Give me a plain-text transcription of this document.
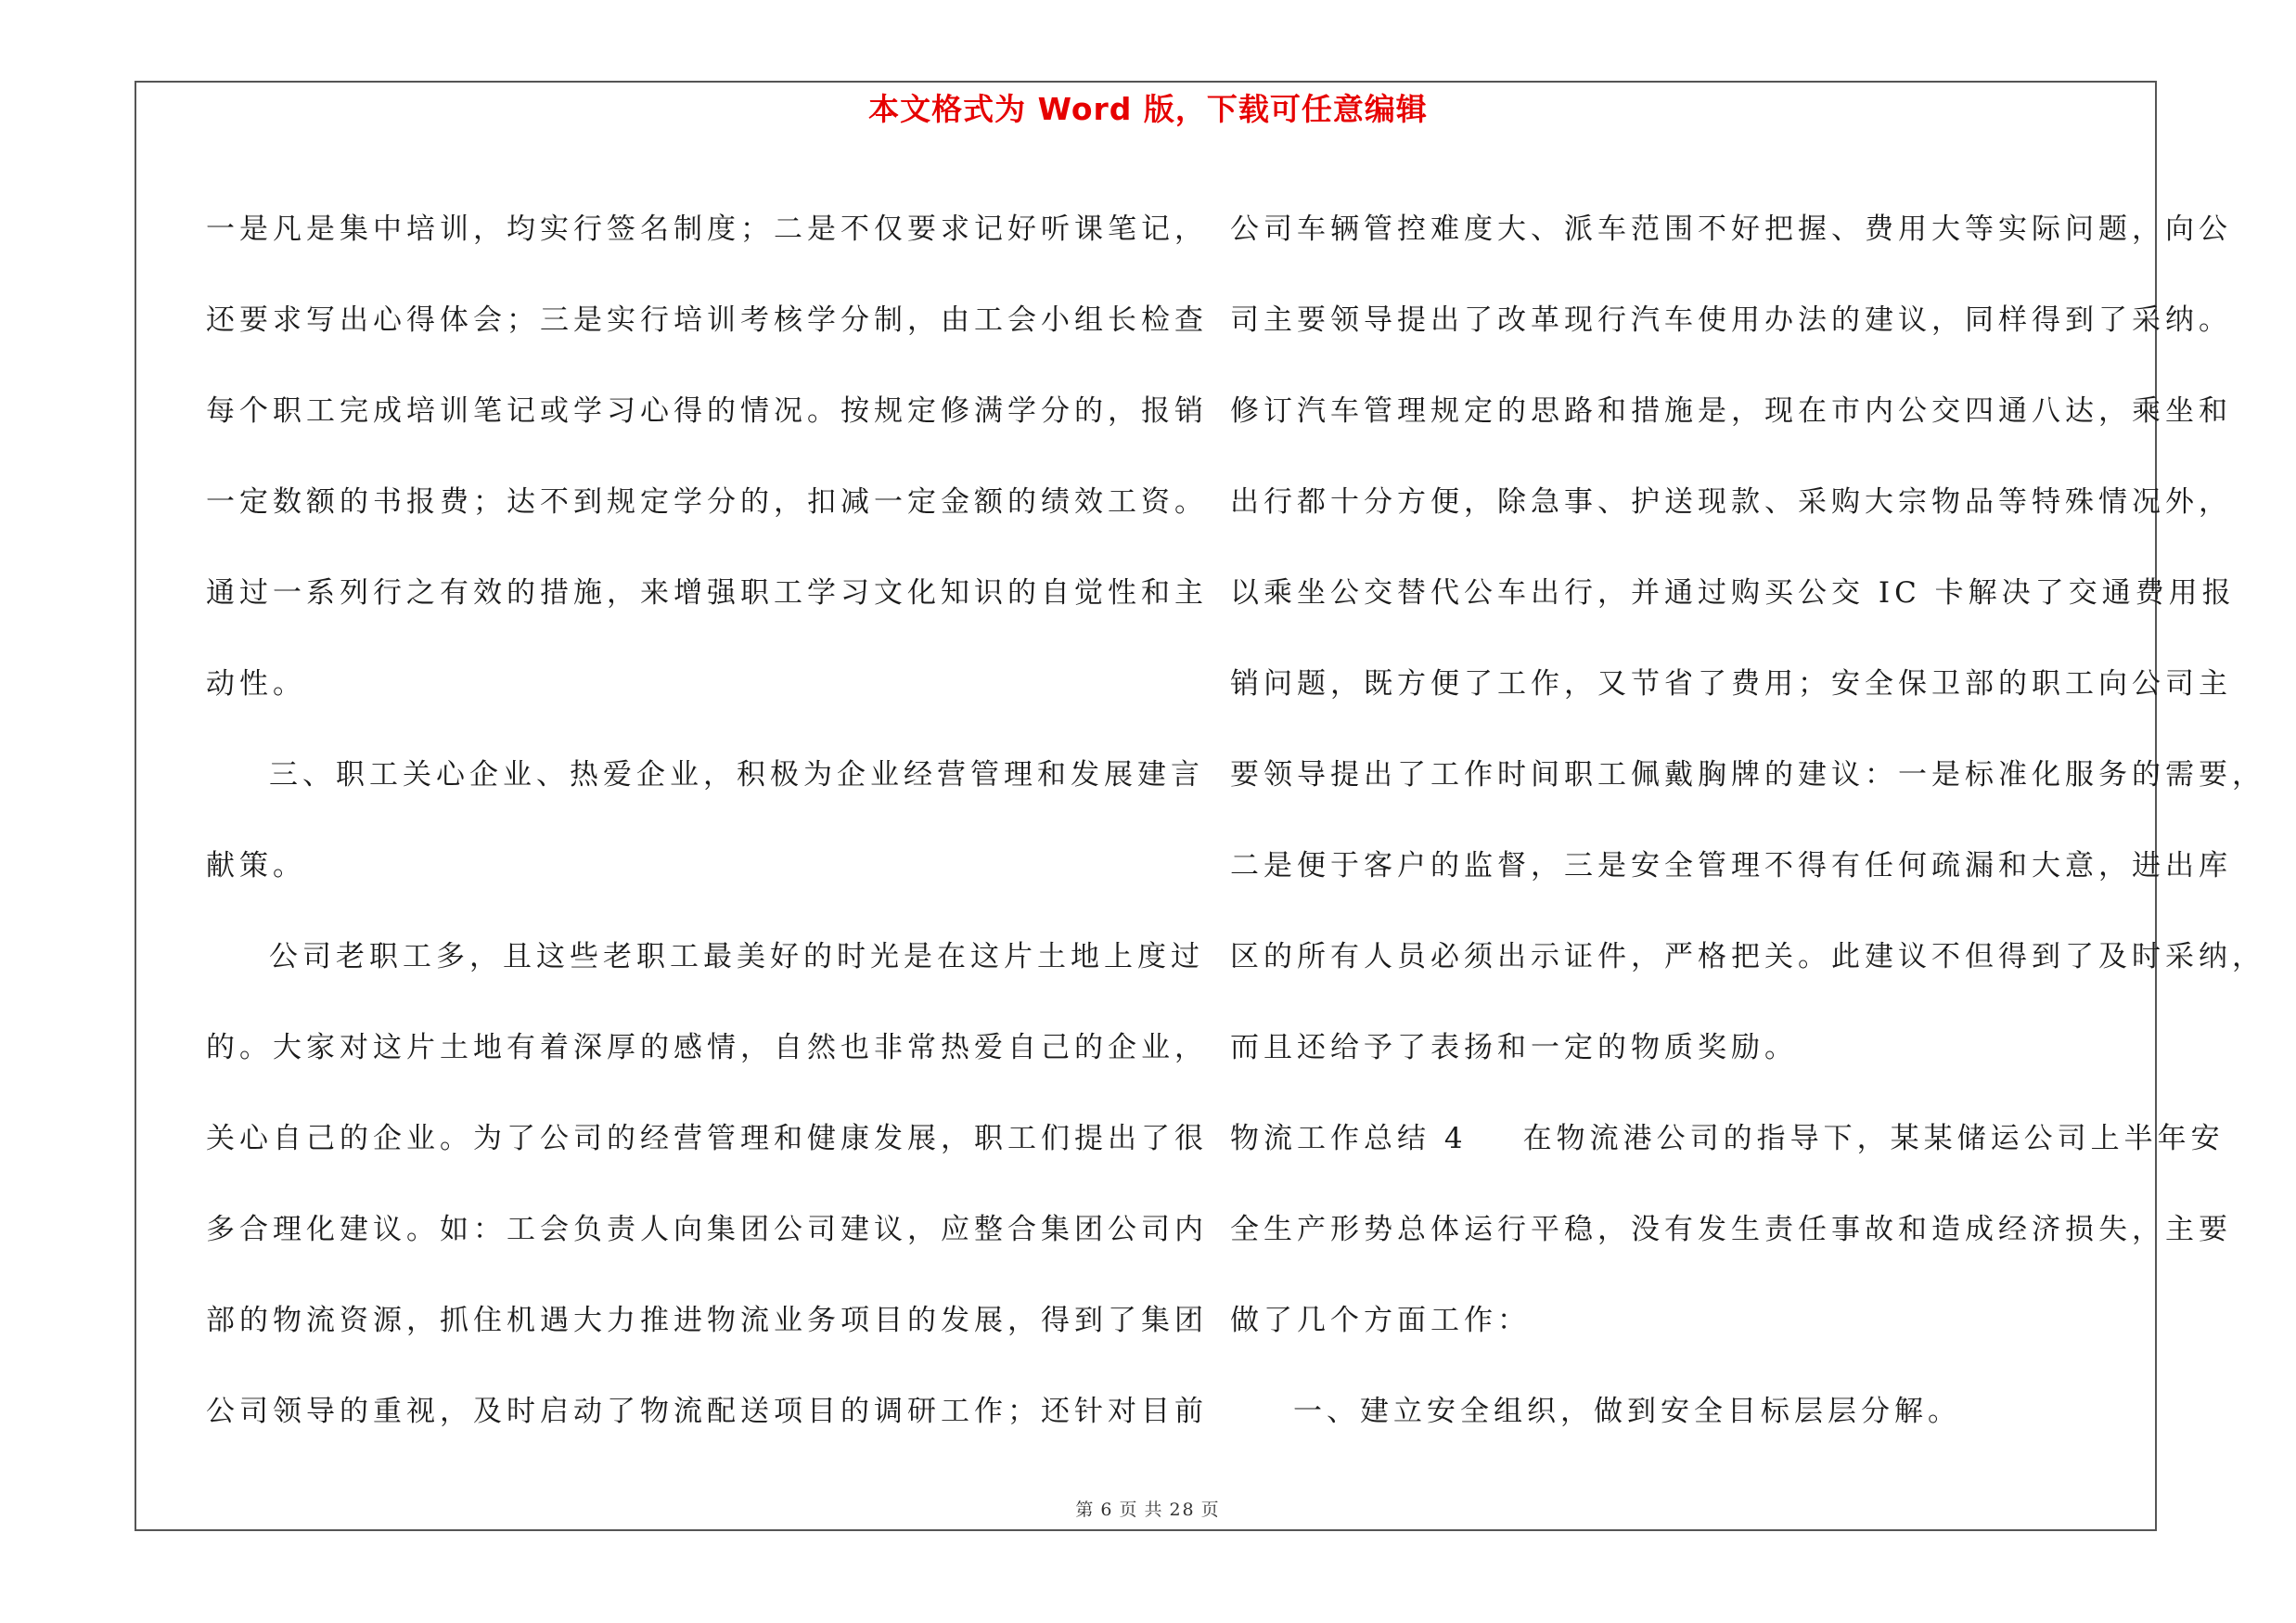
本文格式为 Word 版，下载可任意编辑
一是凡是集中培训，均实行签名制度；二是不仅要求记好听课笔记，
还要求写出心得体会；三是实行培训考核学分制，由工会小组长检查
每个职工完成培训笔记或学习心得的情况。按规定修满学分的，报销
一定数额的书报费；达不到规定学分的，扣减一定金额的绩效工资。
通过一系列行之有效的措施，来增强职工学习文化知识的自觉性和主
动性。
三、职工关心企业、热爱企业，积极为企业经营管理和发展建言
献策。
公司老职工多，且这些老职工最美好的时光是在这片土地上度过
的。大家对这片土地有着深厚的感情，自然也非常热爱自己的企业，
关心自己的企业。为了公司的经营管理和健康发展，职工们提出了很
多合理化建议。如：工会负责人向集团公司建议，应整合集团公司内
部的物流资源，抓住机遇大力推进物流业务项目的发展，得到了集团
公司领导的重视，及时启动了物流配送项目的调研工作；还针对目前
公司车辆管控难度大、派车范围不好把握、费用大等实际问题，向公
司主要领导提出了改革现行汽车使用办法的建议，同样得到了采纳。
修订汽车管理规定的思路和措施是，现在市内公交四通八达，乘坐和
出行都十分方便，除急事、护送现款、采购大宗物品等特殊情况外，
以乘坐公交替代公车出行，并通过购买公交 IC 卡解决了交通费用报
销问题，既方便了工作，又节省了费用；安全保卫部的职工向公司主
要领导提出了工作时间职工佩戴胸牌的建议：一是标准化服务的需要，
二是便于客户的监督，三是安全管理不得有任何疏漏和大意，进出库
区的所有人员必须出示证件，严格把关。此建议不但得到了及时采纳，
而且还给予了表扬和一定的物质奖励。
物流工作总结 4 在物流港公司的指导下，某某储运公司上半年安
全生产形势总体运行平稳，没有发生责任事故和造成经济损失，主要
做了几个方面工作：
一、建立安全组织，做到安全目标层层分解。
第 6 页 共 28 页
